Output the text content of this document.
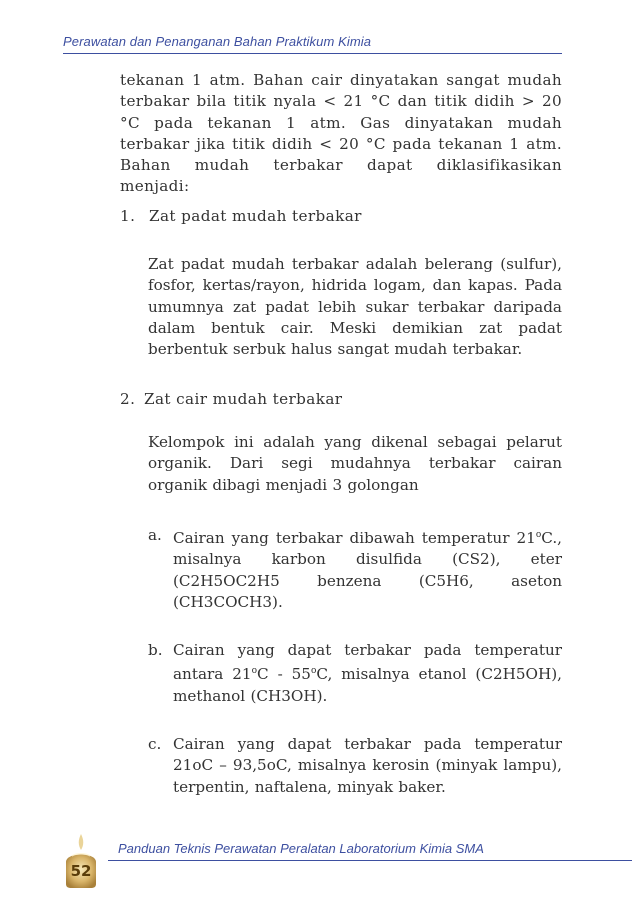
Perawatan dan Penanganan Bahan Praktikum Kimia

tekanan 1 atm. Bahan cair dinyatakan sangat mudah terbakar bila titik nyala < 21 °C dan titik didih > 20 °C pada tekanan 1 atm. Gas dinyatakan mudah terbakar jika titik didih < 20 °C pada tekanan 1 atm. Bahan mudah terbakar dapat diklasifikasikan menjadi:

1. Zat padat mudah terbakar

Zat padat mudah terbakar adalah belerang (sulfur), fosfor, kertas/rayon, hidrida logam, dan kapas. Pada umumnya zat padat lebih sukar terbakar daripada dalam bentuk cair. Meski demikian zat padat berbentuk serbuk halus sangat mudah terbakar.

2. Zat cair mudah terbakar

Kelompok ini adalah yang dikenal sebagai pelarut organik. Dari segi mudahnya terbakar cairan organik dibagi menjadi 3 golongan

a. Cairan yang terbakar dibawah temperatur 21$^o$C., misalnya karbon disulfida (CS2), eter (C2H5OC2H5 benzena (C5H6, aseton (CH3COCH3).

b. Cairan yang dapat terbakar pada temperatur antara 21$^o$C - 55$^o$C, misalnya etanol (C2H5OH), methanol (CH3OH).

c. Cairan yang dapat terbakar pada temperatur 21oC – 93,5oC, misalnya kerosin (minyak lampu), terpentin, naftalena, minyak baker.

52
Panduan Teknis Perawatan Peralatan Laboratorium Kimia SMA
